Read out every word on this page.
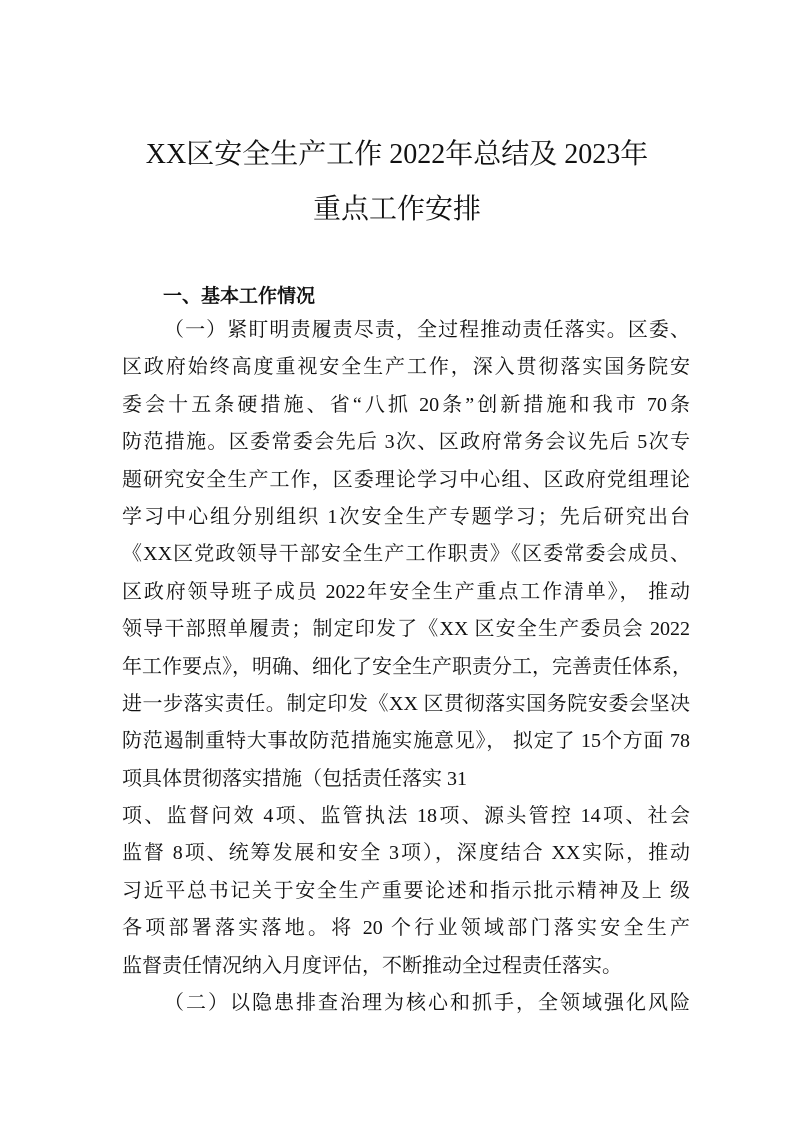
XX区安全生产工作 2022年总结及 2023年
重点工作安排
一、基本工作情况
（一）紧盯明责履责尽责，全过程推动责任落实。区委、
区政府始终高度重视安全生产工作，深入贯彻落实国务院安
委会十五条硬措施、省“八抓 20条”创新措施和我市 70条
防范措施。区委常委会先后 3次、区政府常务会议先后 5次专
题研究安全生产工作，区委理论学习中心组、区政府党组理论
学习中心组分别组织 1次安全生产专题学习；先后研究出台
《XX区党政领导干部安全生产工作职责》《区委常委会成员、
区政府领导班子成员 2022年安全生产重点工作清单》， 推动
领导干部照单履责；制定印发了《XX 区安全生产委员会 2022
年工作要点》，明确、细化了安全生产职责分工，完善责任体系，
进一步落实责任。制定印发《XX 区贯彻落实国务院安委会坚决
防范遏制重特大事故防范措施实施意见》， 拟定了 15个方面 78
项具体贯彻落实措施（包括责任落实 31
项、监督问效 4项、监管执法 18项、源头管控 14项、社会
监督 8项、统筹发展和安全 3项），深度结合 XX实际，推动
习近平总书记关于安全生产重要论述和指示批示精神及上 级
各项部署落实落地。将 20 个行业领域部门落实安全生产
监督责任情况纳入月度评估，不断推动全过程责任落实。
（二）以隐患排查治理为核心和抓手，全领域强化风险
